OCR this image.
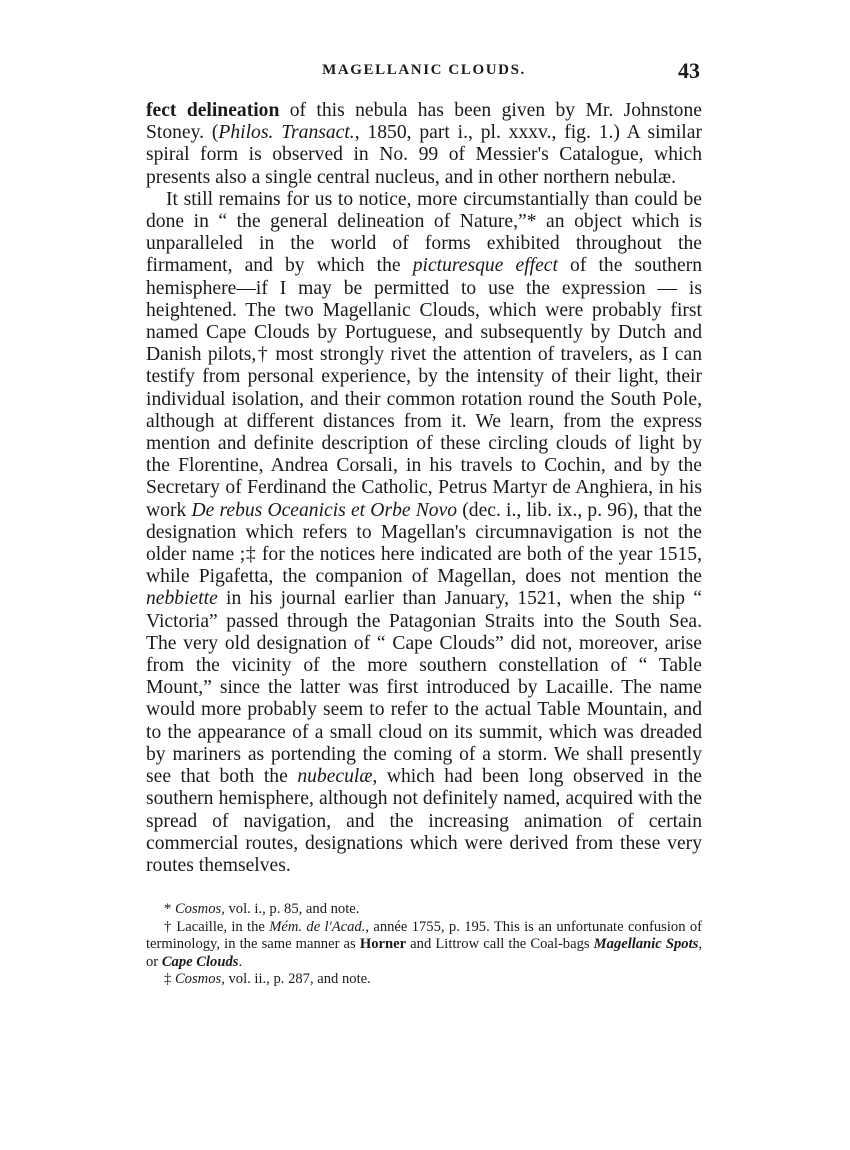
MAGELLANIC CLOUDS.	43

fect delineation of this nebula has been given by Mr. Johnstone Stoney. (Philos. Transact., 1850, part i., pl. xxxv., fig. 1.) A similar spiral form is observed in No. 99 of Messier's Catalogue, which presents also a single central nucleus, and in other northern nebulæ.

It still remains for us to notice, more circumstantially than could be done in “ the general delineation of Nature,”* an object which is unparalleled in the world of forms exhibited throughout the firmament, and by which the picturesque effect of the southern hemisphere—if I may be permitted to use the expression — is heightened. The two Magellanic Clouds, which were probably first named Cape Clouds by Portuguese, and subsequently by Dutch and Danish pilots,† most strongly rivet the attention of travelers, as I can testify from personal experience, by the intensity of their light, their individual isolation, and their common rotation round the South Pole, although at different distances from it. We learn, from the express mention and definite description of these circling clouds of light by the Florentine, Andrea Corsali, in his travels to Cochin, and by the Secretary of Ferdinand the Catholic, Petrus Martyr de Anghiera, in his work De rebus Oceanicis et Orbe Novo (dec. i., lib. ix., p. 96), that the designation which refers to Magellan's circumnavigation is not the older name ;‡ for the notices here indicated are both of the year 1515, while Pigafetta, the companion of Magellan, does not mention the nebbiette in his journal earlier than January, 1521, when the ship “ Victoria” passed through the Patagonian Straits into the South Sea. The very old designation of “ Cape Clouds” did not, moreover, arise from the vicinity of the more southern constellation of “ Table Mount,” since the latter was first introduced by Lacaille. The name would more probably seem to refer to the actual Table Mountain, and to the appearance of a small cloud on its summit, which was dreaded by mariners as portending the coming of a storm. We shall presently see that both the nubeculæ, which had been long observed in the southern hemisphere, although not definitely named, acquired with the spread of navigation, and the increasing animation of certain commercial routes, designations which were derived from these very routes themselves.

* Cosmos, vol. i., p. 85, and note.

† Lacaille, in the Mém. de l'Acad., année 1755, p. 195. This is an unfortunate confusion of terminology, in the same manner as Horner and Littrow call the Coal-bags Magellanic Spots, or Cape Clouds.

‡ Cosmos, vol. ii., p. 287, and note.
